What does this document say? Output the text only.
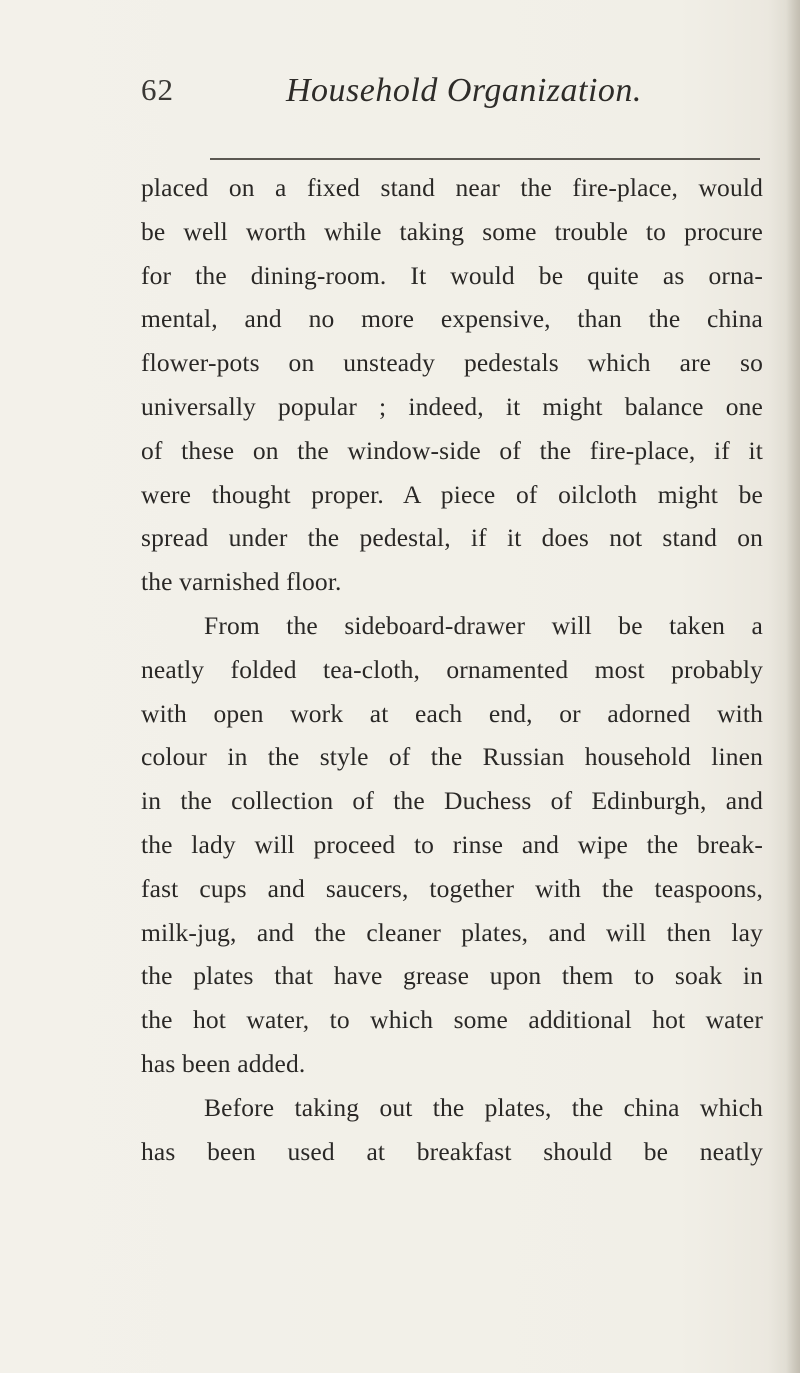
62	Household Organization.
placed on a fixed stand near the fire-place, would
be well worth while taking some trouble to procure
for the dining-room. It would be quite as orna-
mental, and no more expensive, than the china
flower-pots on unsteady pedestals which are so
universally popular ; indeed, it might balance one
of these on the window-side of the fire-place, if it
were thought proper. A piece of oilcloth might be
spread under the pedestal, if it does not stand on
the varnished floor.
From the sideboard-drawer will be taken a
neatly folded tea-cloth, ornamented most probably
with open work at each end, or adorned with
colour in the style of the Russian household linen
in the collection of the Duchess of Edinburgh, and
the lady will proceed to rinse and wipe the break-
fast cups and saucers, together with the teaspoons,
milk-jug, and the cleaner plates, and will then lay
the plates that have grease upon them to soak in
the hot water, to which some additional hot water
has been added.
Before taking out the plates, the china which
has been used at breakfast should be neatly
